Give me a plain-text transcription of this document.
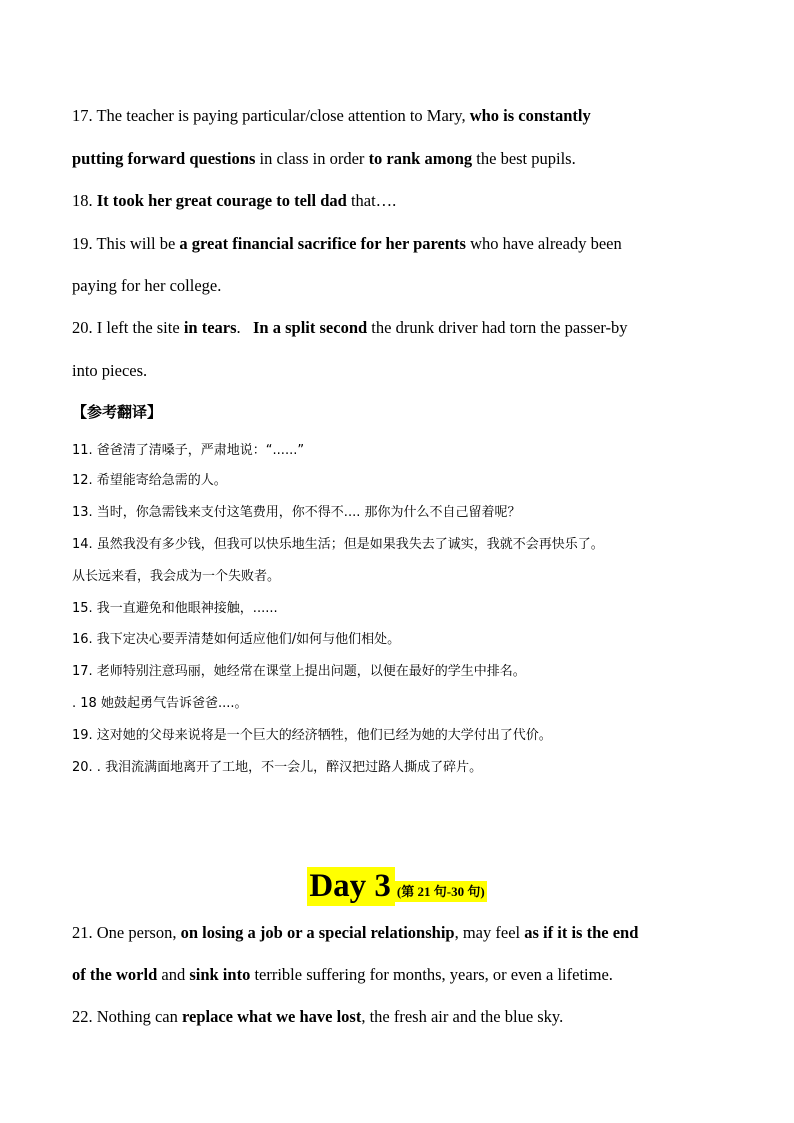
17. The teacher is paying particular/close attention to Mary, who is constantly
putting forward questions in class in order to rank among the best pupils.
18. It took her great courage to tell dad that….
19. This will be a great financial sacrifice for her parents who have already been
paying for her college.
20. I left the site in tears.   In a split second the drunk driver had torn the passer-by
into pieces.
【参考翻译】
11. 爸爸清了清嗓子，严肃地说：“......”
12. 希望能寄给急需的人。
13. 当时，你急需钱来支付这笔费用，你不得不.... 那你为什么不自己留着呢？
14. 虽然我没有多少钱，但我可以快乐地生活；但是如果我失去了诚实，我就不会再快乐了。
从长远来看，我会成为一个失败者。
15. 我一直避免和他眼神接触，......
16. 我下定决心要弄清楚如何适应他们/如何与他们相处。
17. 老师特别注意玛丽，她经常在课堂上提出问题，以便在最好的学生中排名。
. 18 她鼓起勇气告诉爸爸....。
19. 这对她的父母来说将是一个巨大的经济牺牲，他们已经为她的大学付出了代价。
20. . 我泪流满面地离开了工地，不一会儿，醉汉把过路人撕成了碎片。
Day 3 (第 21 句-30 句)
21. One person, on losing a job or a special relationship, may feel as if it is the end
of the world and sink into terrible suffering for months, years, or even a lifetime.
22. Nothing can replace what we have lost, the fresh air and the blue sky.
